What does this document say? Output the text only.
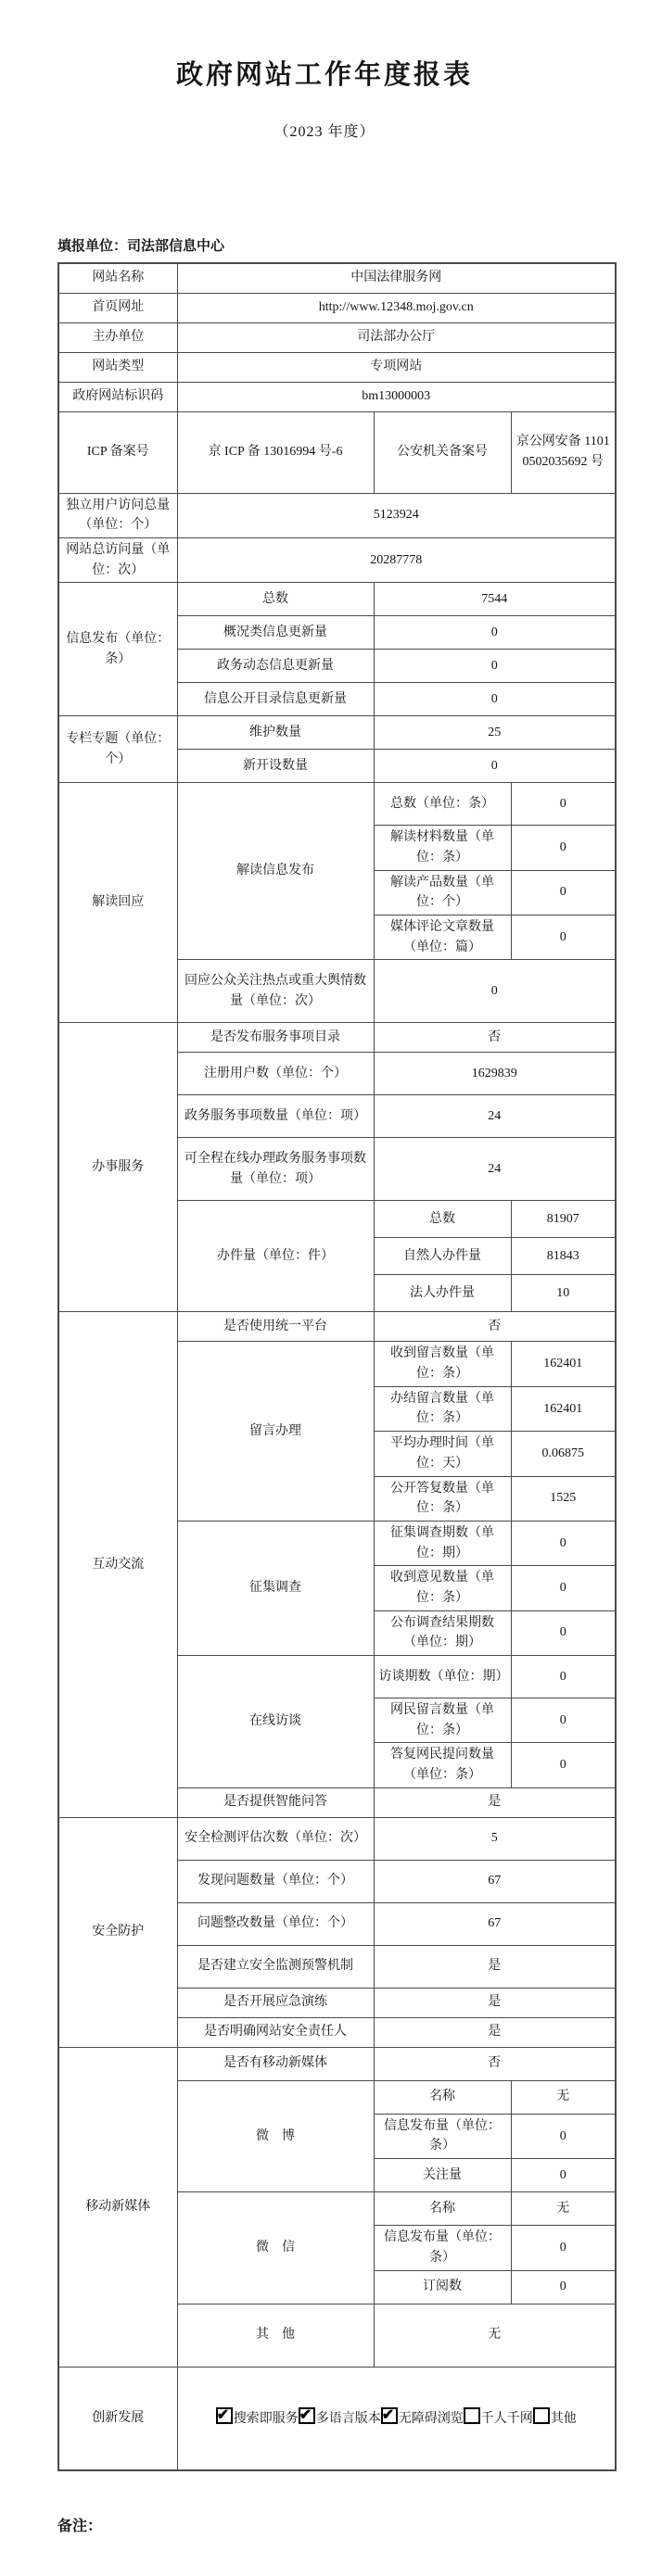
政府网站工作年度报表
（2023 年度）
填报单位：司法部信息中心
网站名称	中国法律服务网		
首页网址	http://www.12348.moj.gov.cn		
主办单位	司法部办公厅		
网站类型	专项网站		
政府网站标识码	bm13000003		
ICP 备案号	京 ICP 备 13016994 号-6	公安机关备案号	京公网安备 11010502035692 号
独立用户访问总量（单位：个）	5123924		
网站总访问量（单位：次）	20287778		
信息发布（单位：条）	总数	7544	
	概况类信息更新量	0	
	政务动态信息更新量	0	
	信息公开目录信息更新量	0	
专栏专题（单位：个）	维护数量	25	
	新开设数量	0	
解读回应	解读信息发布	总数（单位：条）	0
		解读材料数量（单位：条）	0
		解读产品数量（单位：个）	0
		媒体评论文章数量（单位：篇）	0
	回应公众关注热点或重大舆情数量（单位：次）	0	
办事服务	是否发布服务事项目录	否	
	注册用户数（单位：个）	1629839	
	政务服务事项数量（单位：项）	24	
	可全程在线办理政务服务事项数量（单位：项）	24	
	办件量（单位：件）	总数	81907
		自然人办件量	81843
		法人办件量	10
互动交流	是否使用统一平台	否	
	留言办理	收到留言数量（单位：条）	162401
		办结留言数量（单位：条）	162401
		平均办理时间（单位：天）	0.06875
		公开答复数量（单位：条）	1525
	征集调查	征集调查期数（单位：期）	0
		收到意见数量（单位：条）	0
		公布调查结果期数（单位：期）	0
	在线访谈	访谈期数（单位：期）	0
		网民留言数量（单位：条）	0
		答复网民提问数量（单位：条）	0
	是否提供智能问答	是	
安全防护	安全检测评估次数（单位：次）	5	
	发现问题数量（单位：个）	67	
	问题整改数量（单位：个）	67	
	是否建立安全监测预警机制	是	
	是否开展应急演练	是	
	是否明确网站安全责任人	是	
移动新媒体	是否有移动新媒体	否	
	微　博	名称	无
		信息发布量（单位：条）	0
		关注量	0
	微　信	名称	无
		信息发布量（单位：条）	0
		订阅数	0
	其　他	无	
创新发展	✔搜索即服务 ✔ 多语言版本 ✔ 无障碍浏览 千人千网 其他
备注：
